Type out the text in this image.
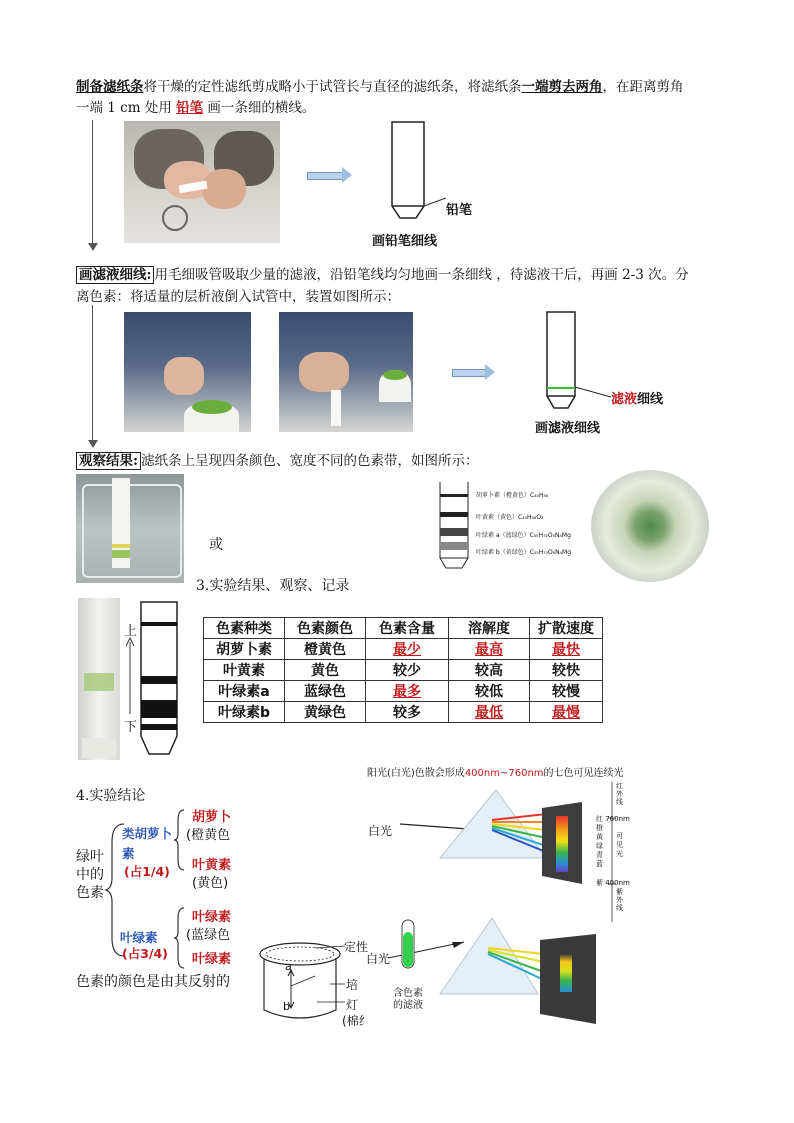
制备滤纸条将干燥的定性滤纸剪成略小于试管长与直径的滤纸条，将滤纸条一端剪去两角，在距离剪角
一端 1 cm 处用 铅笔 画一条细的横线。
铅笔
画铅笔细线
画滤液细线: 用毛细吸管吸取少量的滤液，沿铅笔线均匀地画一条细线 ，待滤液干后，再画 2-3 次。分
离色素：将适量的层析液倒入试管中，装置如图所示：
滤液细线
画滤液细线
观察结果: 滤纸条上呈现四条颜色、宽度不同的色素带，如图所示：
或
胡萝卜素（橙黄色）C₄₀H₅₆
叶黄素（黄色）C₄₀H₅₆O₂
叶绿素 a（蓝绿色）C₅₅H₇₂O₅N₄Mg
叶绿素 b（黄绿色）C₅₅H₇₀O₆N₄Mg
3.实验结果、观察、记录
上
下
色素种类	色素颜色	色素含量	溶解度	扩散速度
胡萝卜素	橙黄色	最少	最高	最快
叶黄素	黄色	较少	较高	较快
叶绿素a	蓝绿色	最多	较低	较慢
叶绿素b	黄绿色	较多	最低	最慢
4.实验结论
绿叶中的色素
类胡萝卜素
(占1/4)
胡萝卜
(橙黄色
叶黄素
(黄色)
叶绿素
(占3/4)
叶绿素
(蓝绿色
叶绿素
色素的颜色是由其反射的
a
b
定性
培
灯
(棉纟
阳光(白光)色散会形成400nm~760nm的七色可见连续光
白光
红外线
红 760nm
橙黄绿青蓝
可见光
紫 400nm
紫外线
白光
含色素
的滤液
